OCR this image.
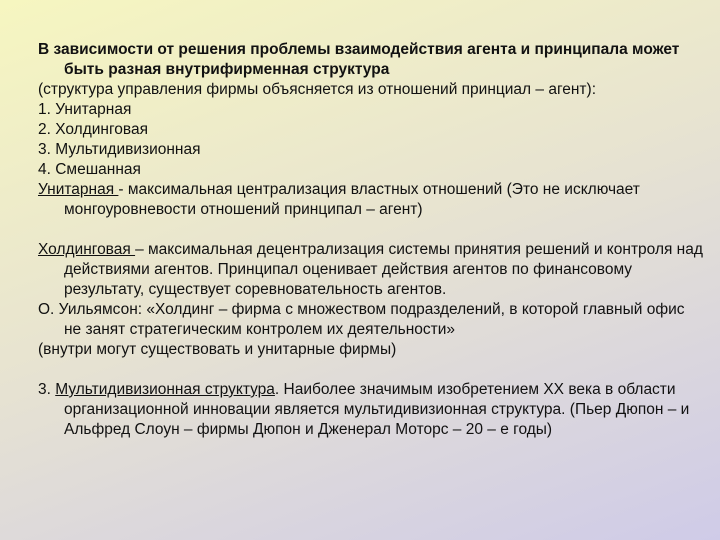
В зависимости от решения проблемы взаимодействия агента и принципала может быть разная внутрифирменная структура

(структура управления фирмы объясняется из отношений принциал – агент):

1. Унитарная

2. Холдинговая

3. Мультидивизионная

4. Смешанная

Унитарная - максимальная централизация властных отношений (Это не исключает монгоуровневости отношений принципал – агент)

Холдинговая – максимальная децентрализация системы принятия решений и контроля над действиями агентов. Принципал оценивает действия агентов по финансовому результату, существует соревновательность агентов.

О. Уильямсон: «Холдинг – фирма с множеством подразделений, в которой главный офис не занят стратегическим контролем их деятельности»

(внутри могут существовать и унитарные фирмы)

3. Мультидивизионная структура. Наиболее значимым изобретением ХХ века в области организационной инновации является мультидивизионная структура. (Пьер Дюпон – и Альфред Слоун – фирмы Дюпон и Дженерал Моторс – 20 – е годы)
